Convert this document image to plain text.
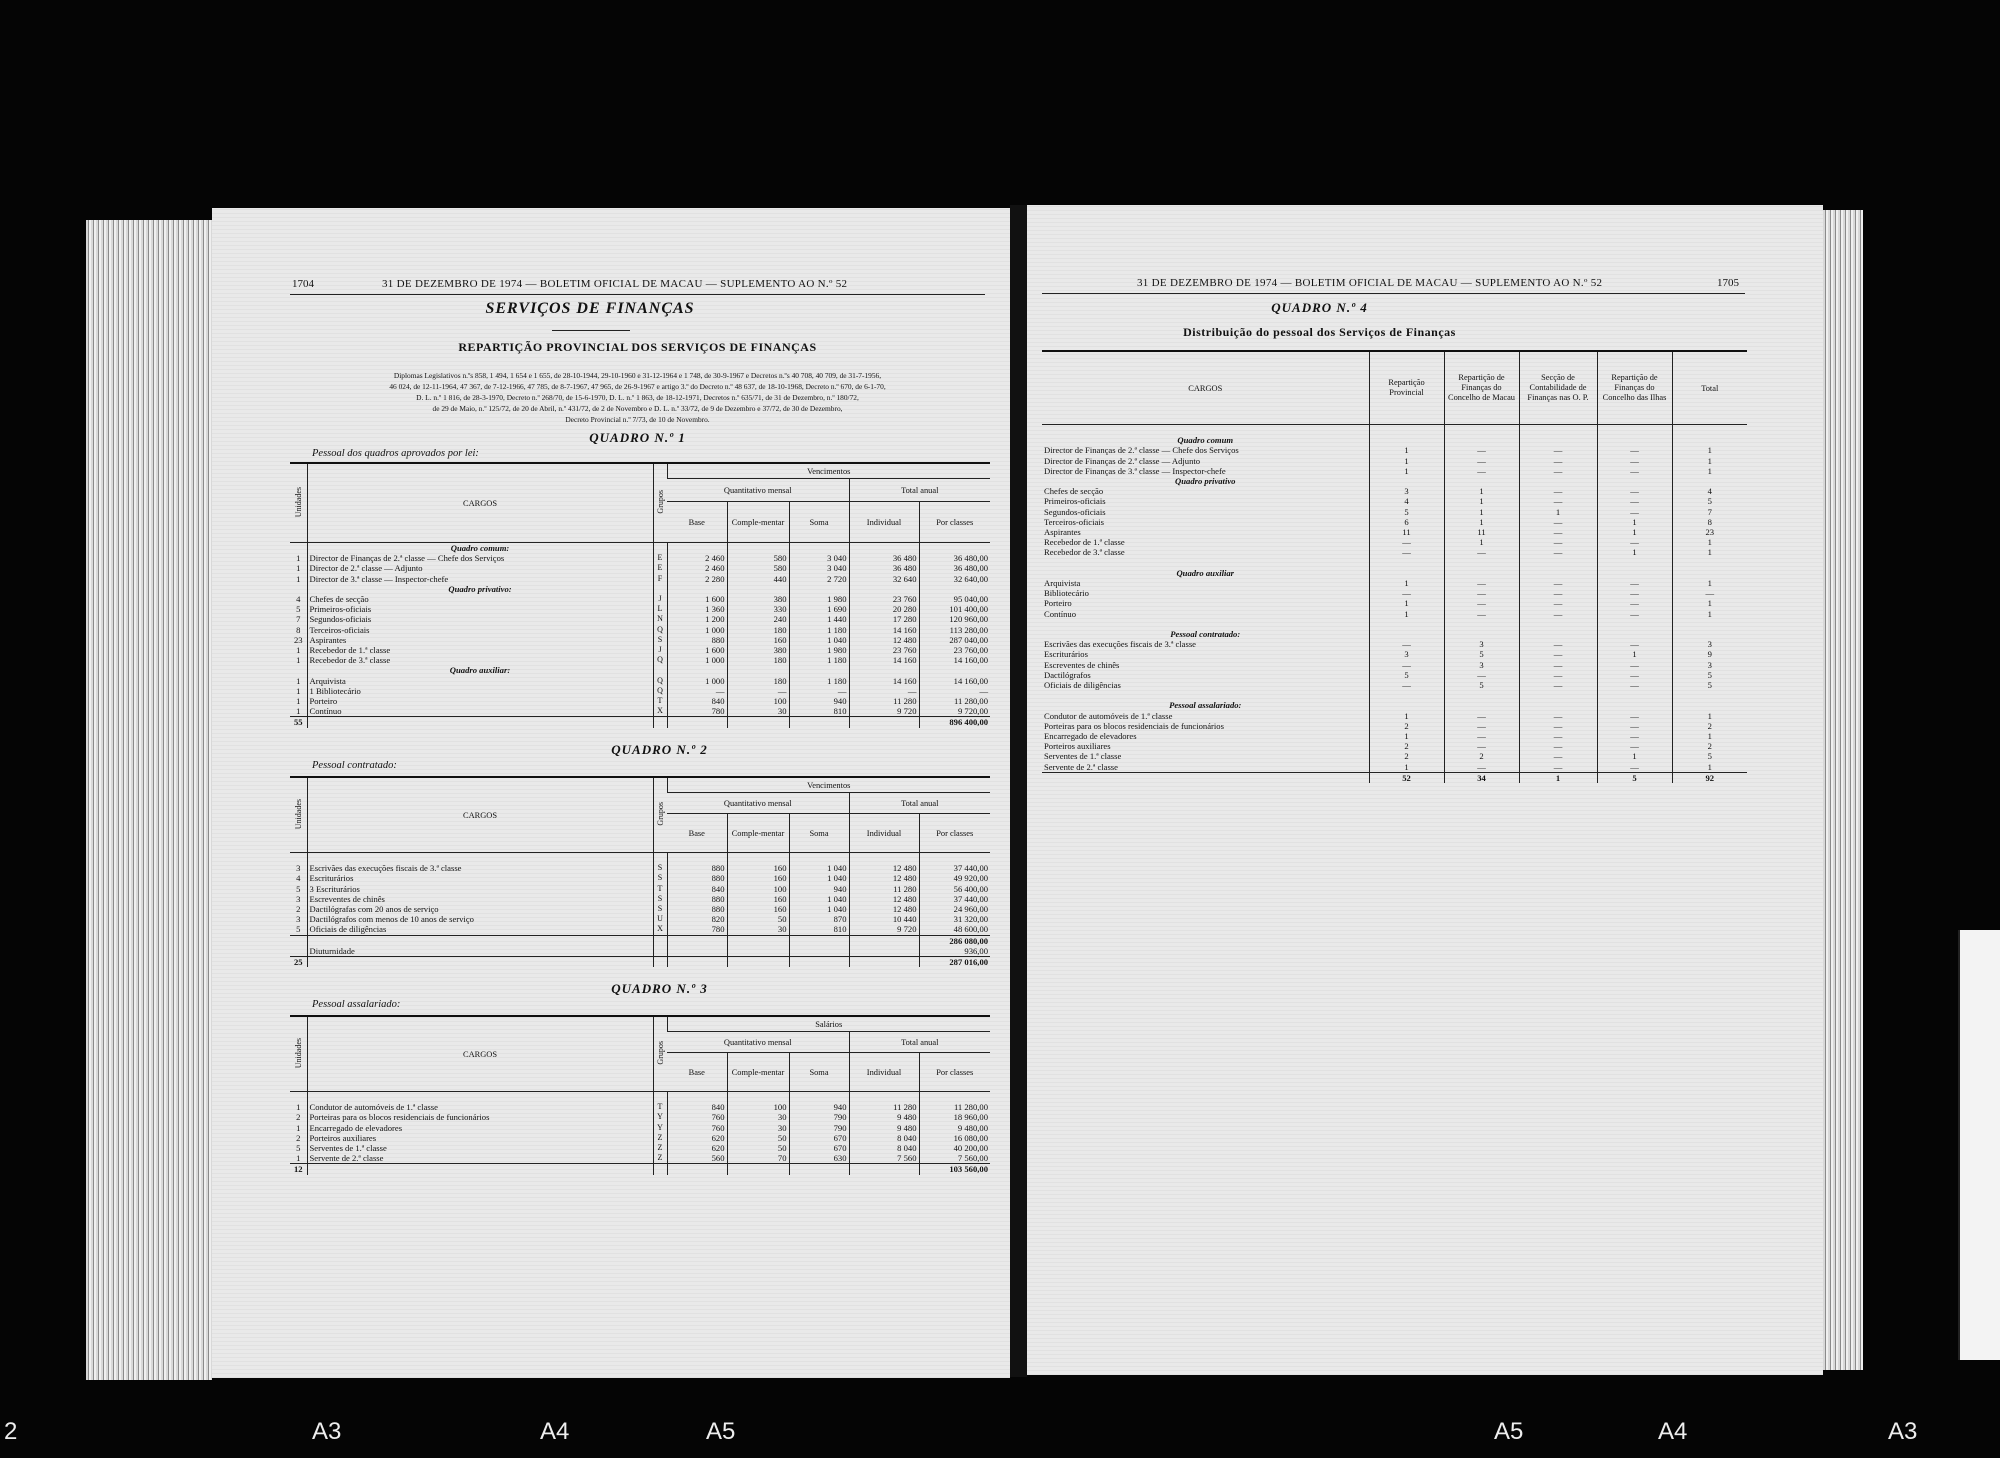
1704	31 DE DEZEMBRO DE 1974 — BOLETIM OFICIAL DE MACAU — SUPLEMENTO AO N.º 52
SERVIÇOS DE FINANÇAS
REPARTIÇÃO PROVINCIAL DOS SERVIÇOS DE FINANÇAS
Diplomas Legislativos n.ºs 858, 1 494, 1 654 e 1 655, de 28-10-1944, 29-10-1960 e 31-12-1964 e 1 748, de 30-9-1967 e Decretos n.ºs 40 708, 40 709, de 31-7-1956,
46 024, de 12-11-1964, 47 367, de 7-12-1966, 47 785, de 8-7-1967, 47 965, de 26-9-1967 e artigo 3.º do Decreto n.º 48 637, de 18-10-1968, Decreto n.º 670, de 6-1-70,
D. L. n.º 1 816, de 28-3-1970, Decreto n.º 268/70, de 15-6-1970, D. L. n.º 1 863, de 18-12-1971, Decretos n.º 635/71, de 31 de Dezembro, n.º 180/72,
de 29 de Maio, n.º 125/72, de 20 de Abril, n.º 431/72, de 2 de Novembro e D. L. n.º 33/72, de 9 de Dezembro e 37/72, de 30 de Dezembro,
Decreto Provincial n.º 7/73, de 10 de Novembro.
QUADRO N.º 1
Pessoal dos quadros aprovados por lei:
Unidades	CARGOS	Grupos	Vencimentos				
			Quantitativo mensal			Total anual	
			Base	Comple-mentar	Soma	Individual	Por classes
	Quadro comum:						
1	Director de Finanças de 2.ª classe — Chefe dos Serviços	E	2 460	580	3 040	36 480	36 480,00
1	Director de 2.ª classe — Adjunto	E	2 460	580	3 040	36 480	36 480,00
1	Director de 3.ª classe — Inspector-chefe	F	2 280	440	2 720	32 640	32 640,00
	Quadro privativo:						
4	Chefes de secção	J	1 600	380	1 980	23 760	95 040,00
5	Primeiros-oficiais	L	1 360	330	1 690	20 280	101 400,00
7	Segundos-oficiais	N	1 200	240	1 440	17 280	120 960,00
8	Terceiros-oficiais	Q	1 000	180	1 180	14 160	113 280,00
23	Aspirantes	S	880	160	1 040	12 480	287 040,00
1	Recebedor de 1.ª classe	J	1 600	380	1 980	23 760	23 760,00
1	Recebedor de 3.ª classe	Q	1 000	180	1 180	14 160	14 160,00
	Quadro auxiliar:						
1	Arquivista	Q	1 000	180	1 180	14 160	14 160,00
1	1 Bibliotecário	Q	—	—	—	—	—
1	Porteiro	T	840	100	940	11 280	11 280,00
1	Contínuo	X	780	30	810	9 720	9 720,00
55							896 400,00
QUADRO N.º 2
Pessoal contratado:
Unidades	CARGOS	Grupos	Vencimentos				
			Quantitativo mensal			Total anual	
			Base	Comple-mentar	Soma	Individual	Por classes

3	Escrivães das execuções fiscais de 3.ª classe	S	880	160	1 040	12 480	37 440,00
4	Escriturários	S	880	160	1 040	12 480	49 920,00
5	3 Escriturários	T	840	100	940	11 280	56 400,00
3	Escreventes de chinês	S	880	160	1 040	12 480	37 440,00
2	Dactilógrafas com 20 anos de serviço	S	880	160	1 040	12 480	24 960,00
3	Dactilógrafos com menos de 10 anos de serviço	U	820	50	870	10 440	31 320,00
5	Oficiais de diligências	X	780	30	810	9 720	48 600,00
							286 080,00
	Diuturnidade						936,00
25							287 016,00
QUADRO N.º 3
Pessoal assalariado:
Unidades	CARGOS	Grupos	Salários				
			Quantitativo mensal			Total anual	
			Base	Comple-mentar	Soma	Individual	Por classes

1	Condutor de automóveis de 1.ª classe	T	840	100	940	11 280	11 280,00
2	Porteiras para os blocos residenciais de funcionários	Y	760	30	790	9 480	18 960,00
1	Encarregado de elevadores	Y	760	30	790	9 480	9 480,00
2	Porteiros auxiliares	Z	620	50	670	8 040	16 080,00
5	Serventes de 1.ª classe	Z	620	50	670	8 040	40 200,00
1	Servente de 2.ª classe	Z	560	70	630	7 560	7 560,00
12							103 560,00
31 DE DEZEMBRO DE 1974 — BOLETIM OFICIAL DE MACAU — SUPLEMENTO AO N.º 52	1705
QUADRO N.º 4
Distribuição do pessoal dos Serviços de Finanças
CARGOS	Repartição Provincial	Repartição de Finanças do Concelho de Macau	Secção de Contabilidade de Finanças nas O. P.	Repartição de Finanças do Concelho das Ilhas	Total

Quadro comum					
Director de Finanças de 2.ª classe — Chefe dos Serviços	1	—	—	—	1
Director de Finanças de 2.ª classe — Adjunto	1	—	—	—	1
Director de Finanças de 3.ª classe — Inspector-chefe	1	—	—	—	1
Quadro privativo					
Chefes de secção	3	1	—	—	4
Primeiros-oficiais	4	1	—	—	5
Segundos-oficiais	5	1	1	—	7
Terceiros-oficiais	6	1	—	1	8
Aspirantes	11	11	—	1	23
Recebedor de 1.ª classe	—	1	—	—	1
Recebedor de 3.ª classe	—	—	—	1	1

Quadro auxiliar					
Arquivista	1	—	—	—	1
Bibliotecário	—	—	—	—	—
Porteiro	1	—	—	—	1
Contínuo	1	—	—	—	1

Pessoal contratado:					
Escrivães das execuções fiscais de 3.ª classe	—	3	—	—	3
Escriturários	3	5	—	1	9
Escreventes de chinês	—	3	—	—	3
Dactilógrafos	5	—	—	—	5
Oficiais de diligências	—	5	—	—	5

Pessoal assalariado:					
Condutor de automóveis de 1.ª classe	1	—	—	—	1
Porteiras para os blocos residenciais de funcionários	2	—	—	—	2
Encarregado de elevadores	1	—	—	—	1
Porteiros auxiliares	2	—	—	—	2
Serventes de 1.ª classe	2	2	—	1	5
Servente de 2.ª classe	1	—	—	—	1
	52	34	1	5	92
2	A3	A4	A5	A5	A4	A3
